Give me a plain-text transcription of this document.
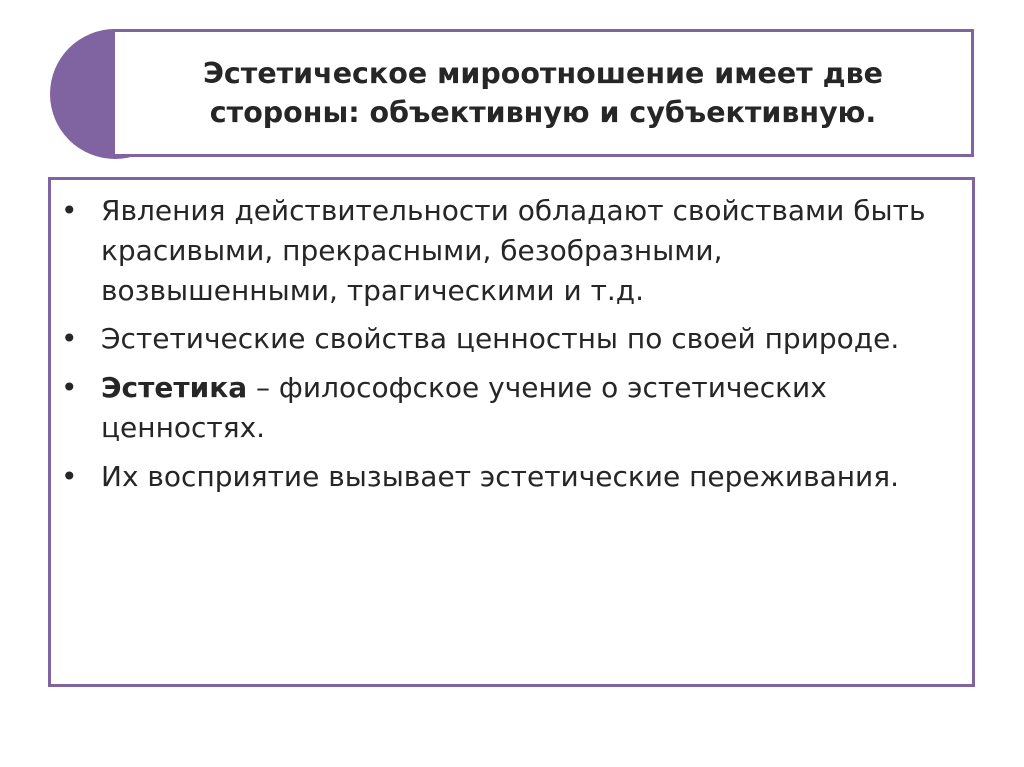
Эстетическое мироотношение имеет две стороны: объективную и субъективную.
• Явления действительности обладают свойствами быть красивыми, прекрасными, безобразными, возвышенными, трагическими и т.д.
• Эстетические свойства ценностны по своей природе.
• Эстетика – философское учение о эстетических ценностях.
• Их восприятие вызывает эстетические переживания.
